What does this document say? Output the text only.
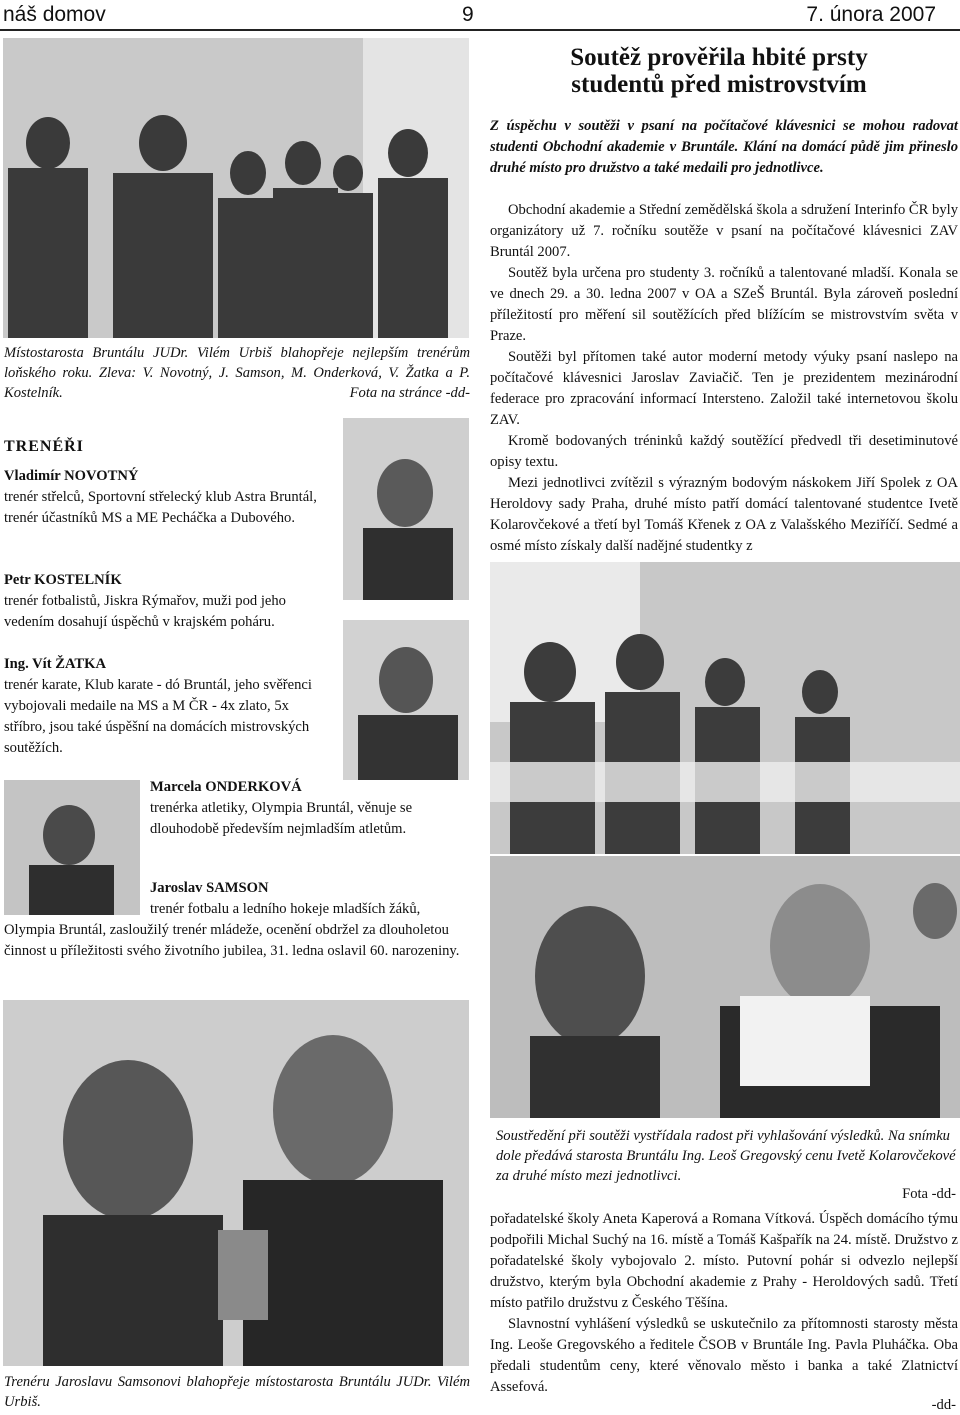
náš domov	9	7. února 2007
Místostarosta Bruntálu JUDr. Vilém Urbiš blahopřeje nejlepším trenérům loňského roku. Zleva: V. Novotný, J. Samson, M. Onderková, V. Žatka a P. Kostelník.	Fota na stránce -dd-
TRENÉŘI
Vladimír NOVOTNÝ
trenér střelců, Sportovní střelecký klub Astra Bruntál, trenér účastníků MS a ME Pecháčka a Dubového.
Petr KOSTELNÍK
trenér fotbalistů, Jiskra Rýmařov, muži pod jeho vedením dosahují úspěchů v krajském poháru.
Ing. Vít ŽATKA
trenér karate, Klub karate - dó Bruntál, jeho svěřenci vybojovali medaile na MS a M ČR - 4x zlato, 5x stříbro, jsou také úspěšní na domácích mistrovských soutěžích.
Marcela ONDERKOVÁ
trenérka atletiky, Olympia Bruntál, věnuje se dlouhodobě především nejmladším atletům.
Jaroslav SAMSON
trenér fotbalu a ledního hokeje mladších žáků, Olympia Bruntál, zasloužilý trenér mládeže, ocenění obdržel za dlouholetou činnost u příležitosti svého životního jubilea, 31. ledna oslavil 60. narozeniny.
Trenéru Jaroslavu Samsonovi blahopřeje místostarosta Bruntálu JUDr. Vilém Urbiš.
Soutěž prověřila hbité prsty
studentů před mistrovstvím
Z úspěchu v soutěži v psaní na počítačové klávesnici se mohou radovat studenti Obchodní akademie v Bruntále. Klání na domácí půdě jim přineslo druhé místo pro družstvo a také medaili pro jednotlivce.

Obchodní akademie a Střední zemědělská škola a sdružení Interinfo ČR byly organizátory už 7. ročníku soutěže v psaní na počítačové klávesnici ZAV Bruntál 2007.

Soutěž byla určena pro studenty 3. ročníků a talentované mladší. Konala se ve dnech 29. a 30. ledna 2007 v OA a SZeŠ Bruntál. Byla zároveň poslední příležitostí pro měření sil soutěžících před blížícím se mistrovstvím světa v Praze.

Soutěži byl přítomen také autor moderní metody výuky psaní naslepo na počítačové klávesnici Jaroslav Zaviačič. Ten je prezidentem mezinárodní federace pro zpracování informací Intersteno. Založil také internetovou školu ZAV.

Kromě bodovaných tréninků každý soutěžící předvedl tři desetiminutové opisy textu.

Mezi jednotlivci zvítězil s výrazným bodovým náskokem Jiří Spolek z OA Heroldovy sady Praha, druhé místo patří domácí talentované studentce Ivetě Kolarovčekové a třetí byl Tomáš Křenek z OA z Valašského Meziříčí. Sedmé a osmé místo získaly další nadějné studentky z

Soustředění při soutěži vystřídala radost při vyhlašování výsledků. Na snímku dole předává starosta Bruntálu Ing. Leoš Gregovský cenu Ivetě Kolarovčekové za druhé místo mezi jednotlivci.
Fota -dd-

pořadatelské školy Aneta Kaperová a Romana Vítková. Úspěch domácího týmu podpořili Michal Suchý na 16. místě a Tomáš Kašpařík na 24. místě. Družstvo z pořadatelské školy vybojovalo 2. místo. Putovní pohár si odvezlo nejlepší družstvo, kterým byla Obchodní akademie z Prahy - Heroldových sadů. Třetí místo patřilo družstvu z Českého Těšína.

Slavnostní vyhlášení výsledků se uskutečnilo za přítomnosti starosty města Ing. Leoše Gregovského a ředitele ČSOB v Bruntále Ing. Pavla Pluháčka. Oba předali studentům ceny, které věnovalo město i banka a také Zlatnictví Assefová.

-dd-
